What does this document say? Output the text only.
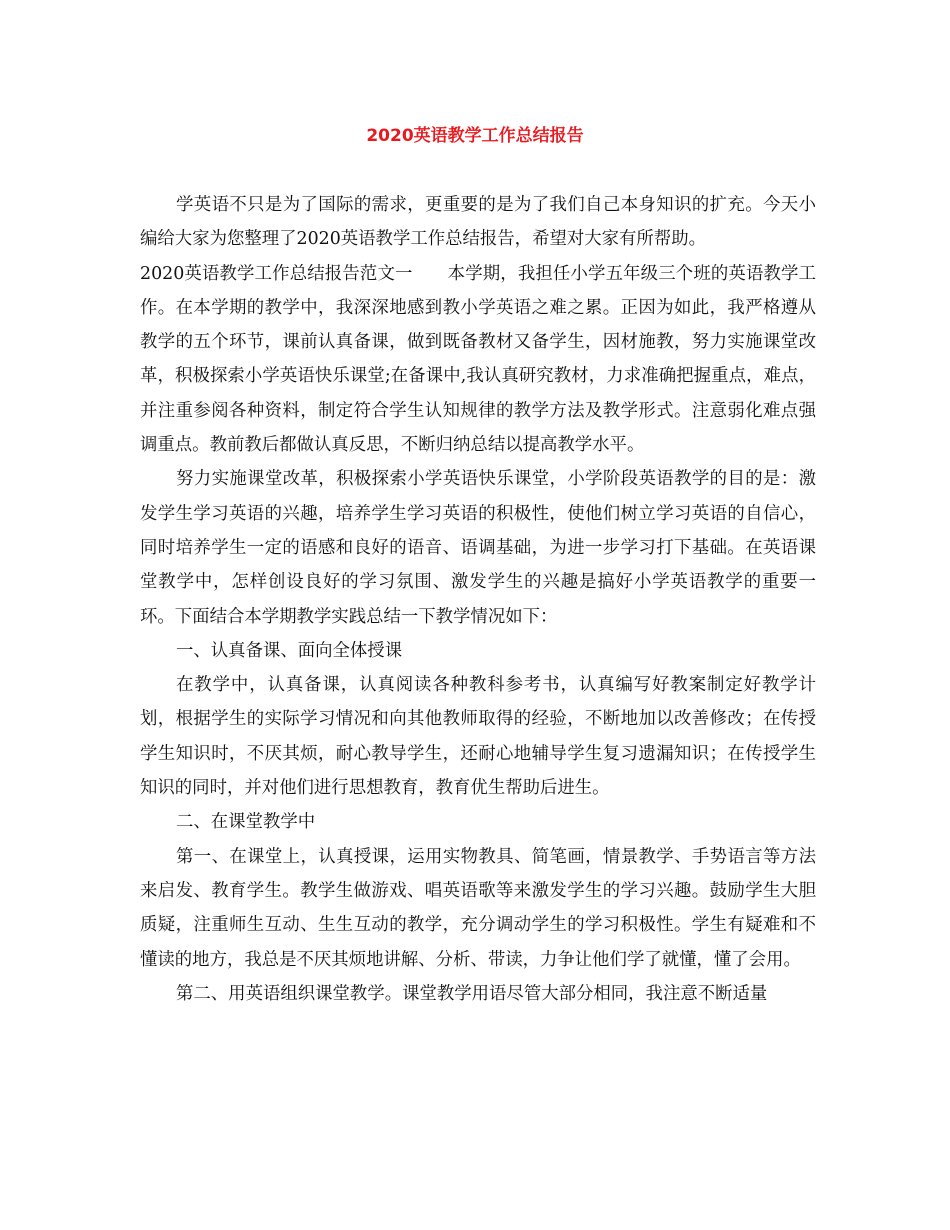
2020英语教学工作总结报告

学英语不只是为了国际的需求，更重要的是为了我们自己本身知识的扩充。今天小编给大家为您整理了2020英语教学工作总结报告，希望对大家有所帮助。

2020英语教学工作总结报告范文一　　本学期，我担任小学五年级三个班的英语教学工作。在本学期的教学中，我深深地感到教小学英语之难之累。正因为如此，我严格遵从教学的五个环节，课前认真备课，做到既备教材又备学生，因材施教，努力实施课堂改革，积极探索小学英语快乐课堂;在备课中,我认真研究教材，力求准确把握重点，难点，并注重参阅各种资料，制定符合学生认知规律的教学方法及教学形式。注意弱化难点强调重点。教前教后都做认真反思，不断归纳总结以提高教学水平。

努力实施课堂改革，积极探索小学英语快乐课堂，小学阶段英语教学的目的是：激发学生学习英语的兴趣，培养学生学习英语的积极性，使他们树立学习英语的自信心，同时培养学生一定的语感和良好的语音、语调基础，为进一步学习打下基础。在英语课堂教学中，怎样创设良好的学习氛围、激发学生的兴趣是搞好小学英语教学的重要一环。下面结合本学期教学实践总结一下教学情况如下：

一、认真备课、面向全体授课

在教学中，认真备课，认真阅读各种教科参考书，认真编写好教案制定好教学计划，根据学生的实际学习情况和向其他教师取得的经验，不断地加以改善修改；在传授学生知识时，不厌其烦，耐心教导学生，还耐心地辅导学生复习遗漏知识；在传授学生知识的同时，并对他们进行思想教育，教育优生帮助后进生。

二、在课堂教学中

第一、在课堂上，认真授课，运用实物教具、简笔画，情景教学、手势语言等方法来启发、教育学生。教学生做游戏、唱英语歌等来激发学生的学习兴趣。鼓励学生大胆质疑，注重师生互动、生生互动的教学，充分调动学生的学习积极性。学生有疑难和不懂读的地方，我总是不厌其烦地讲解、分析、带读，力争让他们学了就懂，懂了会用。

第二、用英语组织课堂教学。课堂教学用语尽管大部分相同，我注意不断适量
